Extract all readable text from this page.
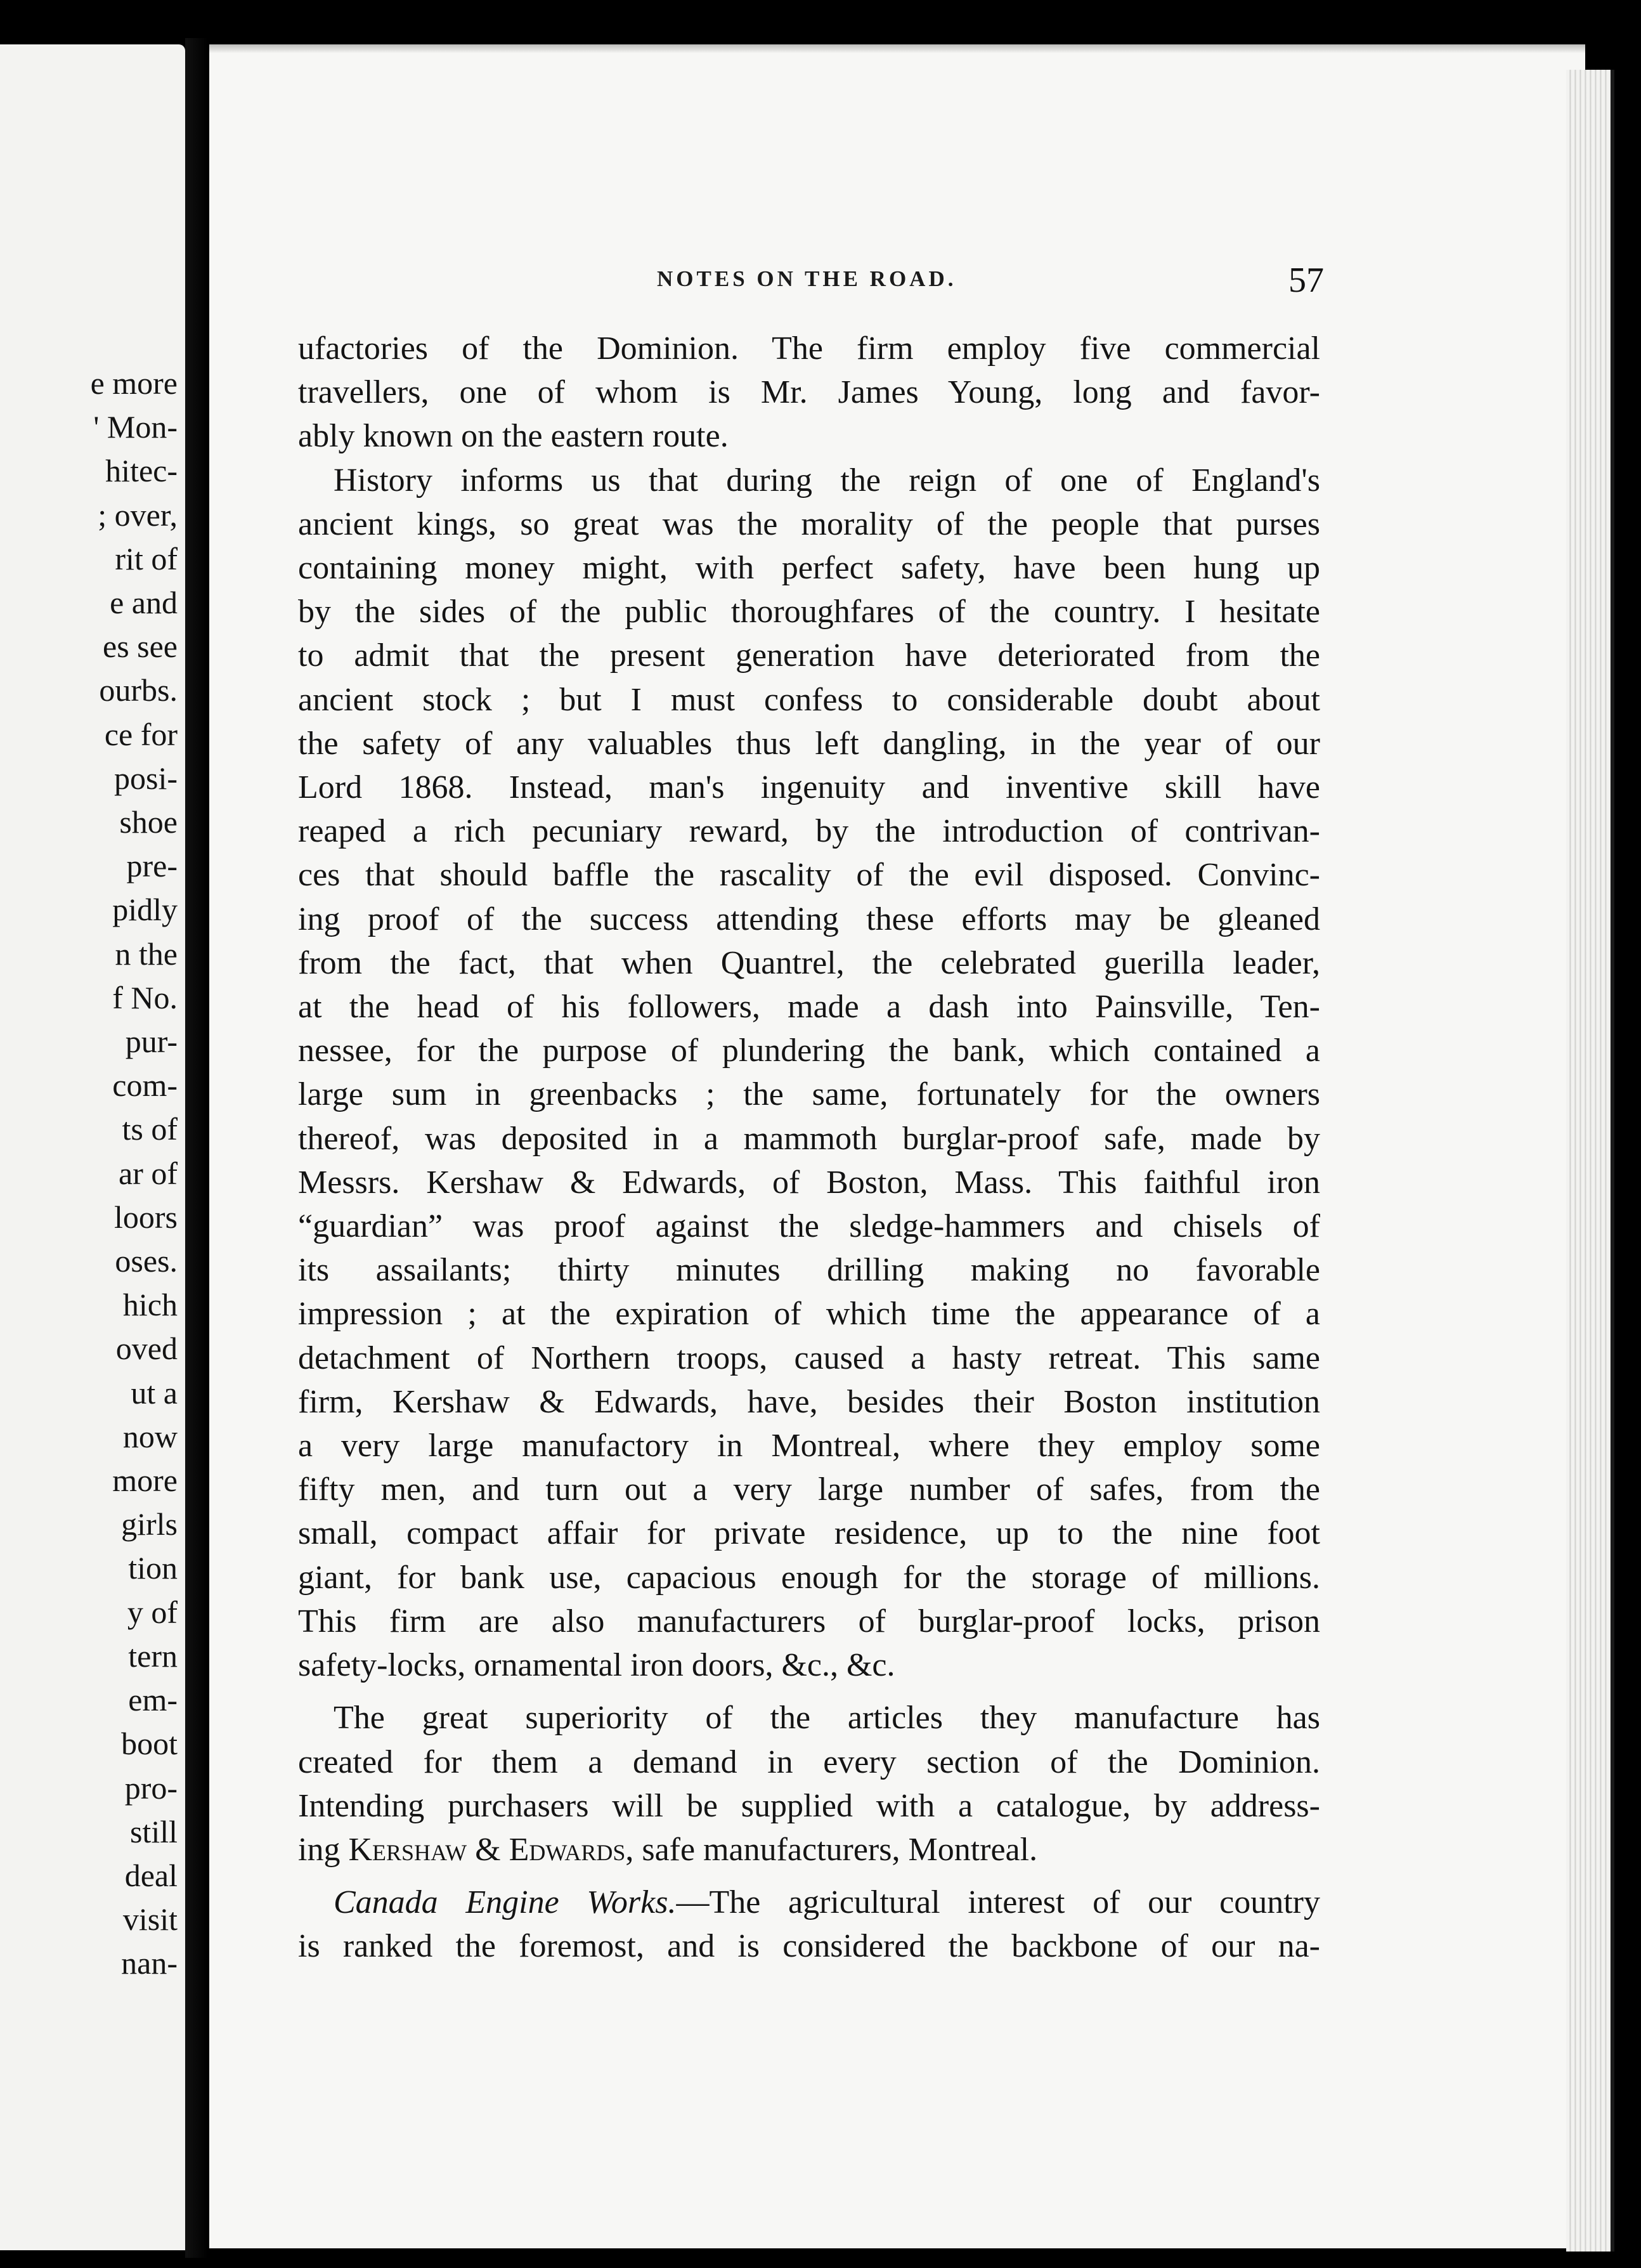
e more
' Mon-
hitec-
; over,
rit of
e and
es see
ourbs.
ce for
posi-
shoe
pre-
pidly
n the
f No.
pur-
com-
ts of
ar of
loors
oses.
hich
oved
ut a
now
more
girls
tion
y of
tern
em-
boot
pro-
still
deal
visit
nan-
NOTES ON THE ROAD.	57
ufactories of the Dominion. The firm employ five commercial
travellers, one of whom is Mr. James Young, long and favor-
ably known on the eastern route.
History informs us that during the reign of one of England's
ancient kings, so great was the morality of the people that purses
containing money might, with perfect safety, have been hung up
by the sides of the public thoroughfares of the country. I hesitate
to admit that the present generation have deteriorated from the
ancient stock ; but I must confess to considerable doubt about
the safety of any valuables thus left dangling, in the year of our
Lord 1868. Instead, man's ingenuity and inventive skill have
reaped a rich pecuniary reward, by the introduction of contrivan-
ces that should baffle the rascality of the evil disposed. Convinc-
ing proof of the success attending these efforts may be gleaned
from the fact, that when Quantrel, the celebrated guerilla leader,
at the head of his followers, made a dash into Painsville, Ten-
nessee, for the purpose of plundering the bank, which contained a
large sum in greenbacks ; the same, fortunately for the owners
thereof, was deposited in a mammoth burglar-proof safe, made by
Messrs. Kershaw & Edwards, of Boston, Mass. This faithful iron
“guardian” was proof against the sledge-hammers and chisels of
its assailants; thirty minutes drilling making no favorable
impression ; at the expiration of which time the appearance of a
detachment of Northern troops, caused a hasty retreat. This same
firm, Kershaw & Edwards, have, besides their Boston institution
a very large manufactory in Montreal, where they employ some
fifty men, and turn out a very large number of safes, from the
small, compact affair for private residence, up to the nine foot
giant, for bank use, capacious enough for the storage of millions.
This firm are also manufacturers of burglar-proof locks, prison
safety-locks, ornamental iron doors, &c., &c.
The great superiority of the articles they manufacture has
created for them a demand in every section of the Dominion.
Intending purchasers will be supplied with a catalogue, by address-
ing Kershaw & Edwards, safe manufacturers, Montreal.
Canada Engine Works.—The agricultural interest of our country
is ranked the foremost, and is considered the backbone of our na-
